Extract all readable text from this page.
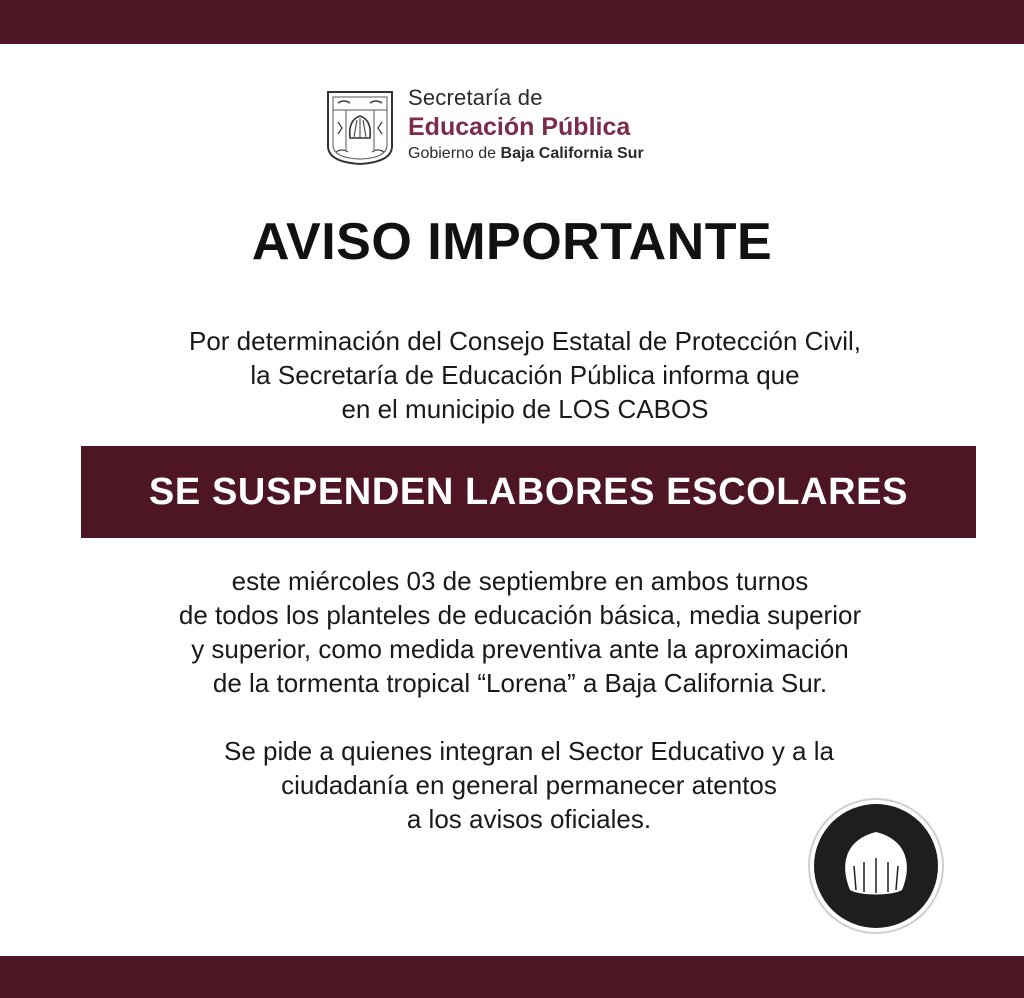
Secretaría de
Educación Pública
Gobierno de Baja California Sur
AVISO IMPORTANTE
Por determinación del Consejo Estatal de Protección Civil,
la Secretaría de Educación Pública informa que
en el municipio de LOS CABOS
SE SUSPENDEN LABORES ESCOLARES
este miércoles 03 de septiembre en ambos turnos
de todos los planteles de educación básica, media superior
y superior, como medida preventiva ante la aproximación
de la tormenta tropical “Lorena” a Baja California Sur.
Se pide a quienes integran el Sector Educativo y a la
ciudadanía en general permanecer atentos
a los avisos oficiales.
